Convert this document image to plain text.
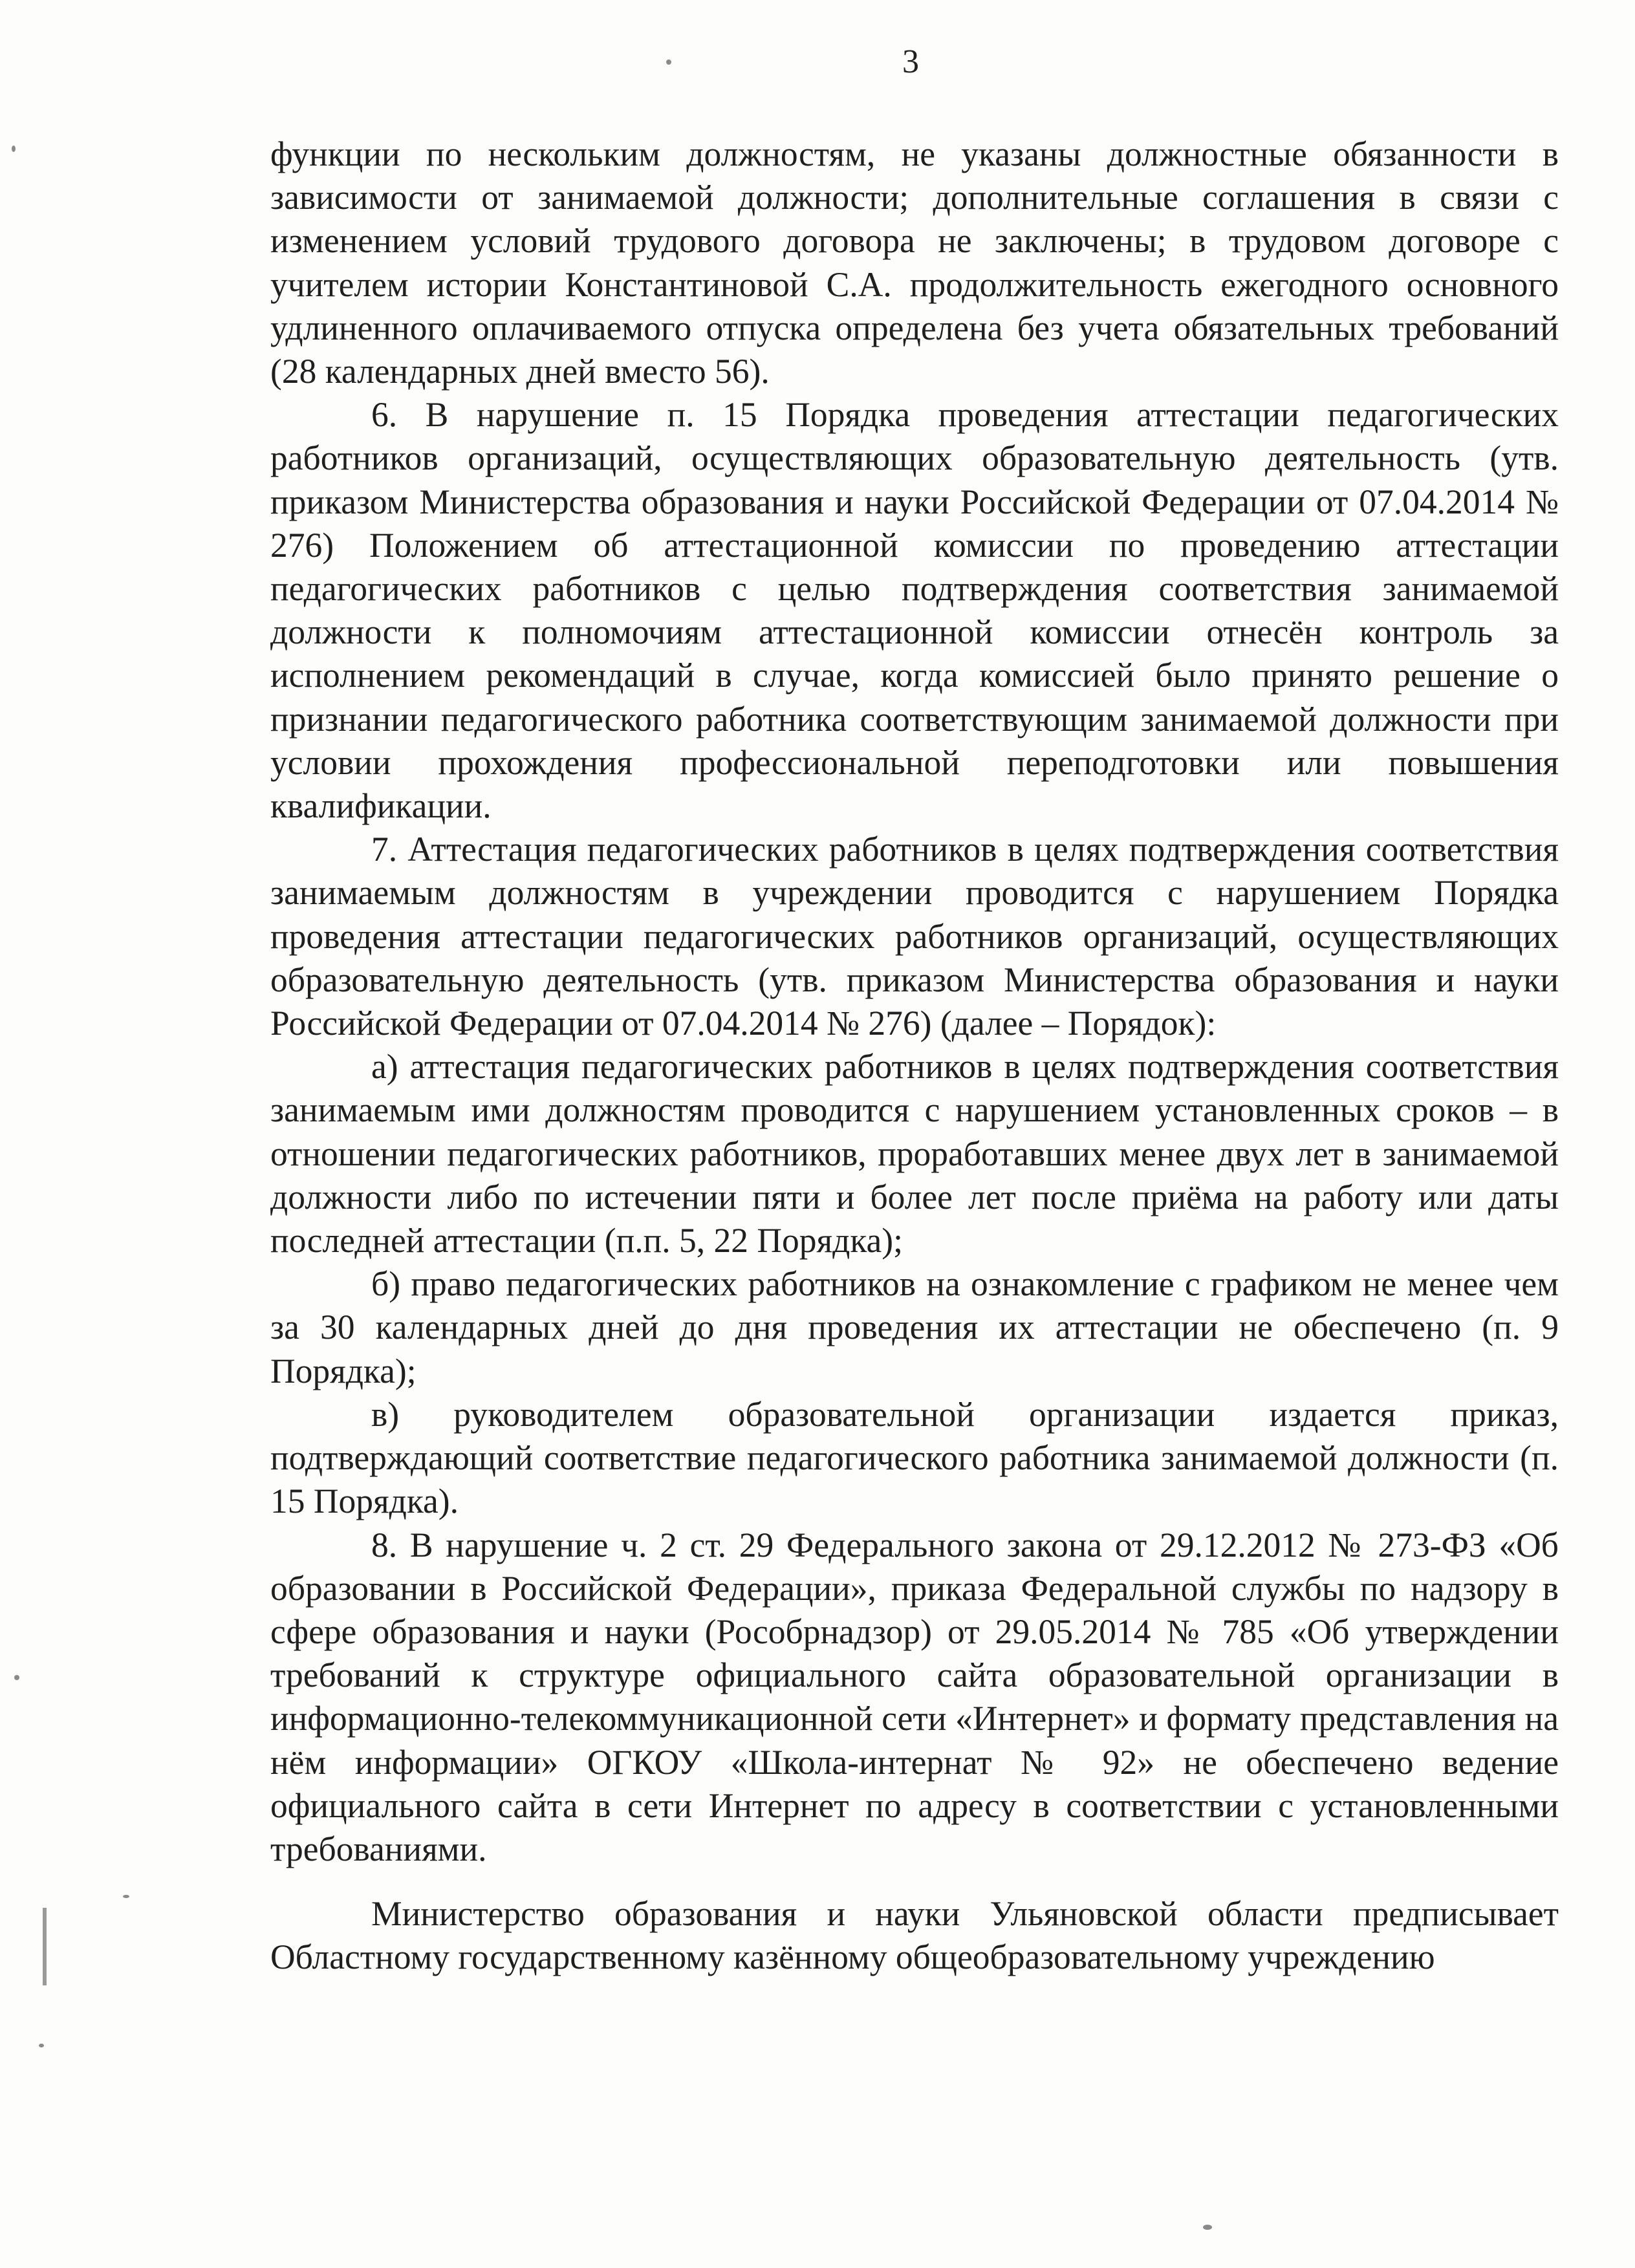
3

функции по нескольким должностям, не указаны должностные обязанности в зависимости от занимаемой должности; дополнительные соглашения в связи с изменением условий трудового договора не заключены; в трудовом договоре с учителем истории Константиновой С.А. продолжительность ежегодного основного удлиненного оплачиваемого отпуска определена без учета обязательных требований (28 календарных дней вместо 56).

6. В нарушение п. 15 Порядка проведения аттестации педагогических работников организаций, осуществляющих образовательную деятельность (утв. приказом Министерства образования и науки Российской Федерации от 07.04.2014 № 276) Положением об аттестационной комиссии по проведению аттестации педагогических работников с целью подтверждения соответствия занимаемой должности к полномочиям аттестационной комиссии отнесён контроль за исполнением рекомендаций в случае, когда комиссией было принято решение о признании педагогического работника соответствующим занимаемой должности при условии прохождения профессиональной переподготовки или повышения квалификации.

7. Аттестация педагогических работников в целях подтверждения соответствия занимаемым должностям в учреждении проводится с нарушением Порядка проведения аттестации педагогических работников организаций, осуществляющих образовательную деятельность (утв. приказом Министерства образования и науки Российской Федерации от 07.04.2014 № 276) (далее – Порядок):

а) аттестация педагогических работников в целях подтверждения соответствия занимаемым ими должностям проводится с нарушением установленных сроков – в отношении педагогических работников, проработавших менее двух лет в занимаемой должности либо по истечении пяти и более лет после приёма на работу или даты последней аттестации (п.п. 5, 22 Порядка);

б) право педагогических работников на ознакомление с графиком не менее чем за 30 календарных дней до дня проведения их аттестации не обеспечено (п. 9 Порядка);

в) руководителем образовательной организации издается приказ, подтверждающий соответствие педагогического работника занимаемой должности (п. 15 Порядка).

8. В нарушение ч. 2 ст. 29 Федерального закона от 29.12.2012 № 273-ФЗ «Об образовании в Российской Федерации», приказа Федеральной службы по надзору в сфере образования и науки (Рособрнадзор) от 29.05.2014 № 785 «Об утверждении требований к структуре официального сайта образовательной организации в информационно-телекоммуникационной сети «Интернет» и формату представления на нём информации» ОГКОУ «Школа-интернат № 92» не обеспечено ведение официального сайта в сети Интернет по адресу в соответствии с установленными требованиями.

Министерство образования и науки Ульяновской области предписывает Областному государственному казённому общеобразовательному учреждению
